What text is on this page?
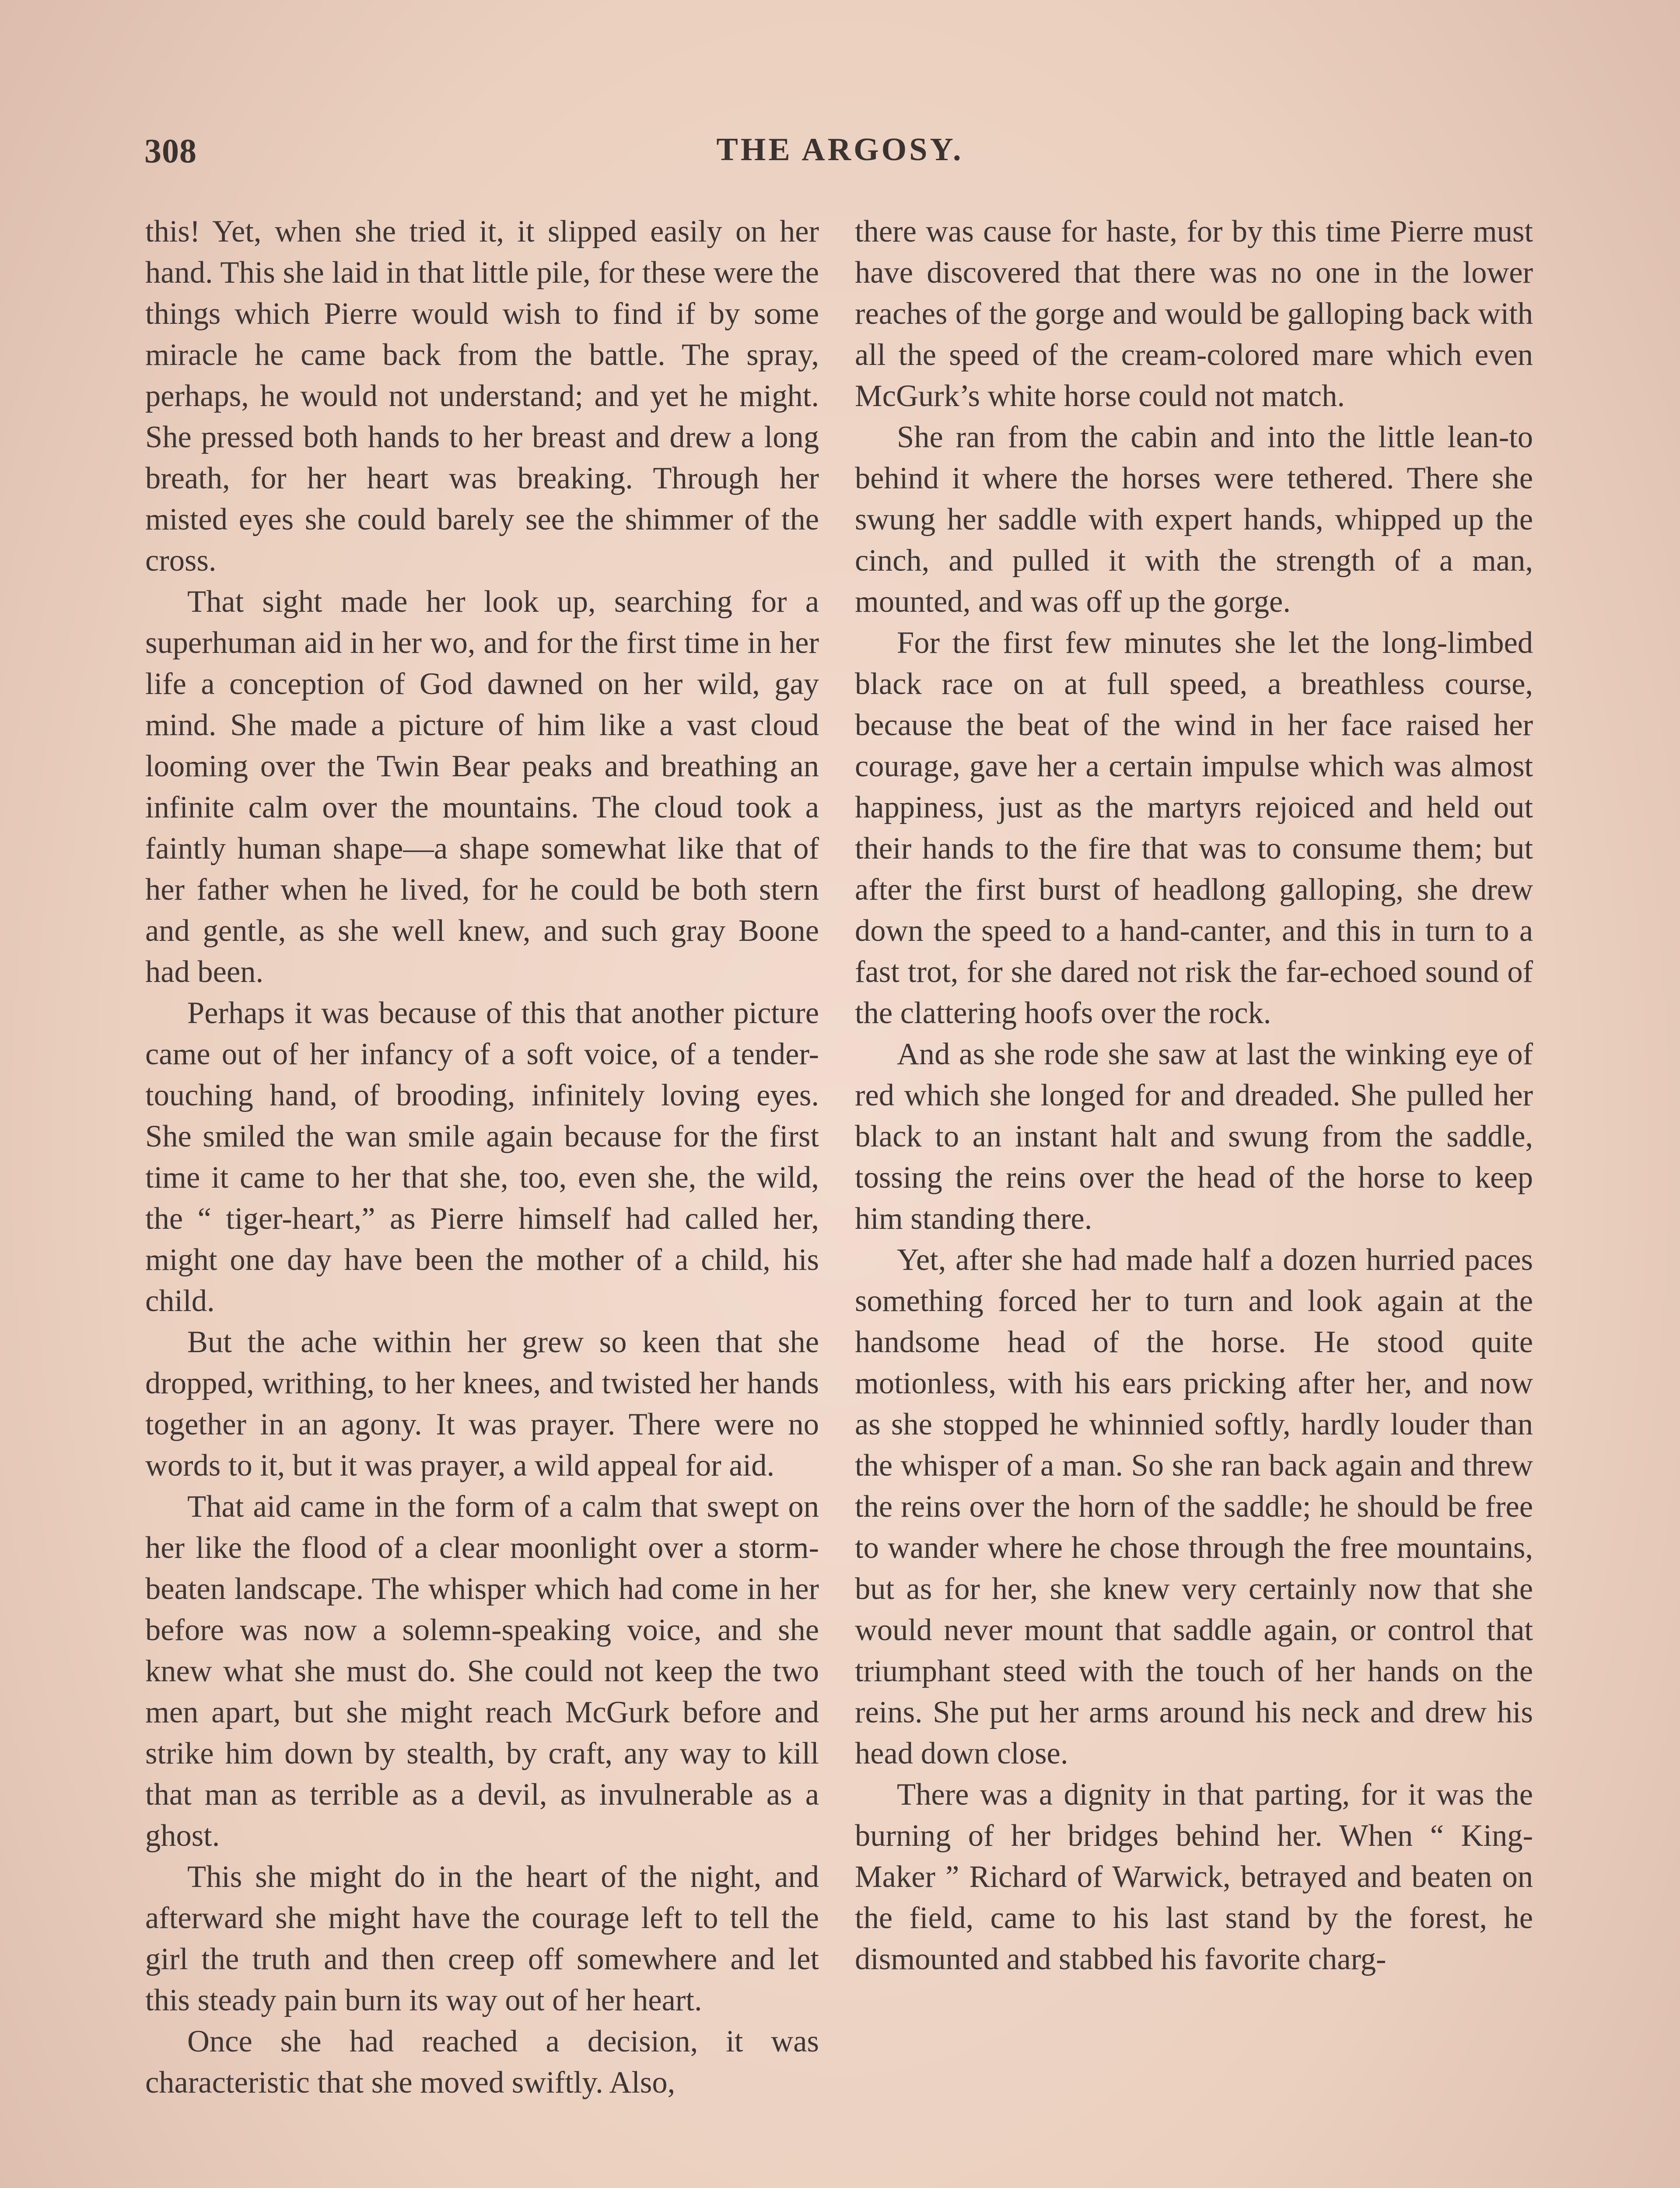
308	THE ARGOSY.

this! Yet, when she tried it, it slipped easily on her hand. This she laid in that little pile, for these were the things which Pierre would wish to find if by some miracle he came back from the battle. The spray, perhaps, he would not understand; and yet he might. She pressed both hands to her breast and drew a long breath, for her heart was breaking. Through her misted eyes she could barely see the shimmer of the cross.

That sight made her look up, searching for a superhuman aid in her wo, and for the first time in her life a conception of God dawned on her wild, gay mind. She made a picture of him like a vast cloud looming over the Twin Bear peaks and breathing an infinite calm over the mountains. The cloud took a faintly human shape—a shape somewhat like that of her father when he lived, for he could be both stern and gentle, as she well knew, and such gray Boone had been.

Perhaps it was because of this that another picture came out of her infancy of a soft voice, of a tender-touching hand, of brooding, infinitely loving eyes. She smiled the wan smile again because for the first time it came to her that she, too, even she, the wild, the “ tiger-heart,” as Pierre himself had called her, might one day have been the mother of a child, his child.

But the ache within her grew so keen that she dropped, writhing, to her knees, and twisted her hands together in an agony. It was prayer. There were no words to it, but it was prayer, a wild appeal for aid.

That aid came in the form of a calm that swept on her like the flood of a clear moonlight over a storm-beaten landscape. The whisper which had come in her before was now a solemn-speaking voice, and she knew what she must do. She could not keep the two men apart, but she might reach McGurk before and strike him down by stealth, by craft, any way to kill that man as terrible as a devil, as invulnerable as a ghost.

This she might do in the heart of the night, and afterward she might have the courage left to tell the girl the truth and then creep off somewhere and let this steady pain burn its way out of her heart.

Once she had reached a decision, it was characteristic that she moved swiftly. Also,

there was cause for haste, for by this time Pierre must have discovered that there was no one in the lower reaches of the gorge and would be galloping back with all the speed of the cream-colored mare which even McGurk’s white horse could not match.

She ran from the cabin and into the little lean-to behind it where the horses were tethered. There she swung her saddle with expert hands, whipped up the cinch, and pulled it with the strength of a man, mounted, and was off up the gorge.

For the first few minutes she let the long-limbed black race on at full speed, a breathless course, because the beat of the wind in her face raised her courage, gave her a certain impulse which was almost happiness, just as the martyrs rejoiced and held out their hands to the fire that was to consume them; but after the first burst of headlong galloping, she drew down the speed to a hand-canter, and this in turn to a fast trot, for she dared not risk the far-echoed sound of the clattering hoofs over the rock.

And as she rode she saw at last the winking eye of red which she longed for and dreaded. She pulled her black to an instant halt and swung from the saddle, tossing the reins over the head of the horse to keep him standing there.

Yet, after she had made half a dozen hurried paces something forced her to turn and look again at the handsome head of the horse. He stood quite motionless, with his ears pricking after her, and now as she stopped he whinnied softly, hardly louder than the whisper of a man. So she ran back again and threw the reins over the horn of the saddle; he should be free to wander where he chose through the free mountains, but as for her, she knew very certainly now that she would never mount that saddle again, or control that triumphant steed with the touch of her hands on the reins. She put her arms around his neck and drew his head down close.

There was a dignity in that parting, for it was the burning of her bridges behind her. When “ King-Maker ” Richard of Warwick, betrayed and beaten on the field, came to his last stand by the forest, he dismounted and stabbed his favorite charg-
